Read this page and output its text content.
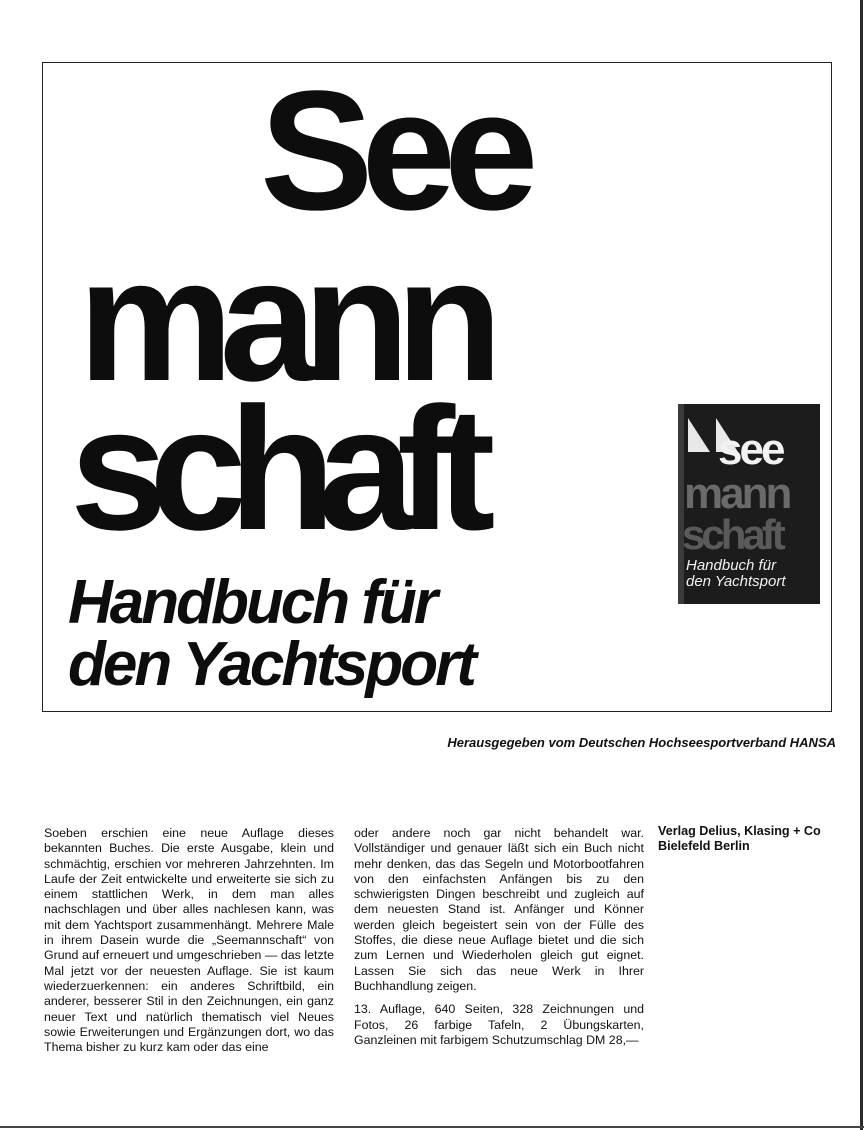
See
mann
schaft
Handbuch für
den Yachtsport
see
mann
schaft
Handbuch für
den Yachtsport
Herausgegeben vom Deutschen Hochseesportverband HANSA

Soeben erschien eine neue Auflage dieses bekannten Buches. Die erste Ausgabe, klein und schmächtig, erschien vor mehreren Jahrzehnten. Im Laufe der Zeit entwickelte und erweiterte sie sich zu einem stattlichen Werk, in dem man alles nachschlagen und über alles nachlesen kann, was mit dem Yachtsport zusammenhängt. Mehrere Male in ihrem Dasein wurde die „Seemannschaft“ von Grund auf erneuert und umgeschrieben — das letzte Mal jetzt vor der neuesten Auflage. Sie ist kaum wiederzuerkennen: ein anderes Schriftbild, ein anderer, besserer Stil in den Zeichnungen, ein ganz neuer Text und natürlich thematisch viel Neues sowie Erweiterungen und Ergänzungen dort, wo das Thema bisher zu kurz kam oder das eine

oder andere noch gar nicht behandelt war. Vollständiger und genauer läßt sich ein Buch nicht mehr denken, das das Segeln und Motorbootfahren von den einfachsten Anfängen bis zu den schwierigsten Dingen beschreibt und zugleich auf dem neuesten Stand ist. Anfänger und Könner werden gleich begeistert sein von der Fülle des Stoffes, die diese neue Auflage bietet und die sich zum Lernen und Wiederholen gleich gut eignet. Lassen Sie sich das neue Werk in Ihrer Buchhandlung zeigen.

13. Auflage, 640 Seiten, 328 Zeichnungen und Fotos, 26 farbige Tafeln, 2 Übungskarten, Ganzleinen mit farbigem Schutzumschlag DM 28,—

Verlag Delius, Klasing + Co
Bielefeld Berlin
